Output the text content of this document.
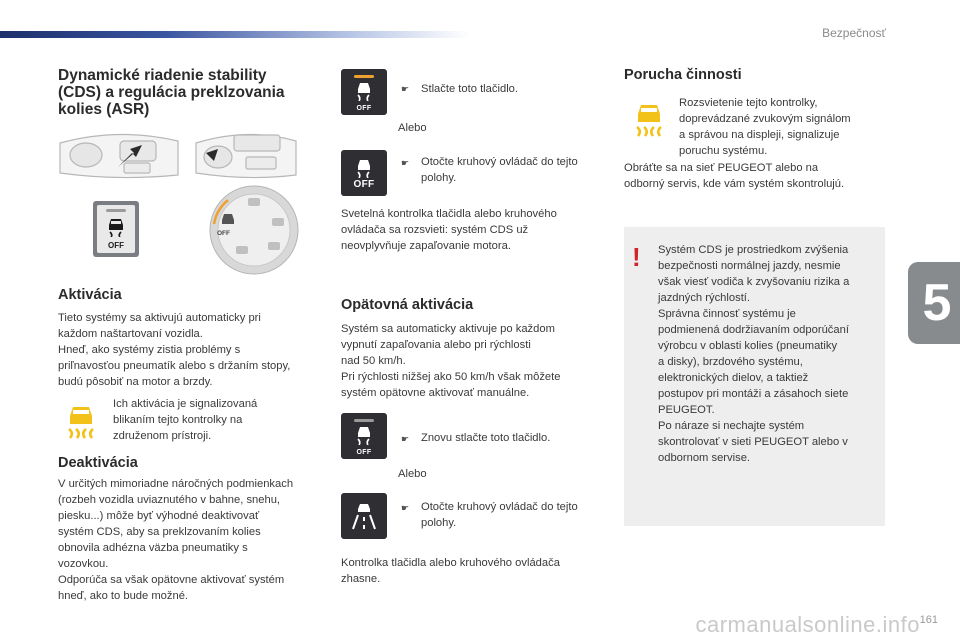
Bezpečnosť
5
Dynamické riadenie stability
(CDS) a regulácia preklzovania
kolies (ASR)
OFF
OFF
Aktivácia
Tieto systémy sa aktivujú automaticky pri
každom naštartovaní vozidla.
Hneď, ako systémy zistia problémy s
priľnavosťou pneumatík alebo s držaním stopy,
budú pôsobiť na motor a brzdy.
Ich aktivácia je signalizovaná
blikaním tejto kontrolky na
združenom prístroji.
Deaktivácia
V určitých mimoriadne náročných podmienkach
(rozbeh vozidla uviaznutého v bahne, snehu,
piesku...) môže byť výhodné deaktivovať
systém CDS, aby sa preklzovaním kolies
obnovila adhézna väzba pneumatiky s
vozovkou.
Odporúča sa však opätovne aktivovať systém
hneď, ako to bude možné.
OFF
☛ Stlačte toto tlačidlo.
Alebo
OFF
☛ Otočte kruhový ovládač do tejto
polohy.
Svetelná kontrolka tlačidla alebo kruhového
ovládača sa rozsvieti: systém CDS už
neovplyvňuje zapaľovanie motora.
Opätovná aktivácia
Systém sa automaticky aktivuje po každom
vypnutí zapaľovania alebo pri rýchlosti
nad 50 km/h.
Pri rýchlosti nižšej ako 50 km/h však môžete
systém opätovne aktivovať manuálne.
OFF
☛ Znovu stlačte toto tlačidlo.
Alebo
☛ Otočte kruhový ovládač do tejto
polohy.
Kontrolka tlačidla alebo kruhového ovládača
zhasne.
Porucha činnosti
Rozsvietenie tejto kontrolky,
doprevádzané zvukovým signálom
a správou na displeji, signalizuje
poruchu systému.
Obráťte sa na sieť PEUGEOT alebo na
odborný servis, kde vám systém skontrolujú.
! Systém CDS je prostriedkom zvýšenia
bezpečnosti normálnej jazdy, nesmie
však viesť vodiča k zvyšovaniu rizika a
jazdných rýchlostí.
Správna činnosť systému je
podmienená dodržiavaním odporúčaní
výrobcu v oblasti kolies (pneumatiky
a disky), brzdového systému,
elektronických dielov, a taktiež
postupov pri montáži a zásahoch siete
PEUGEOT.
Po náraze si nechajte systém
skontrolovať v sieti PEUGEOT alebo v
odbornom servise.
carmanualsonline.info 161
